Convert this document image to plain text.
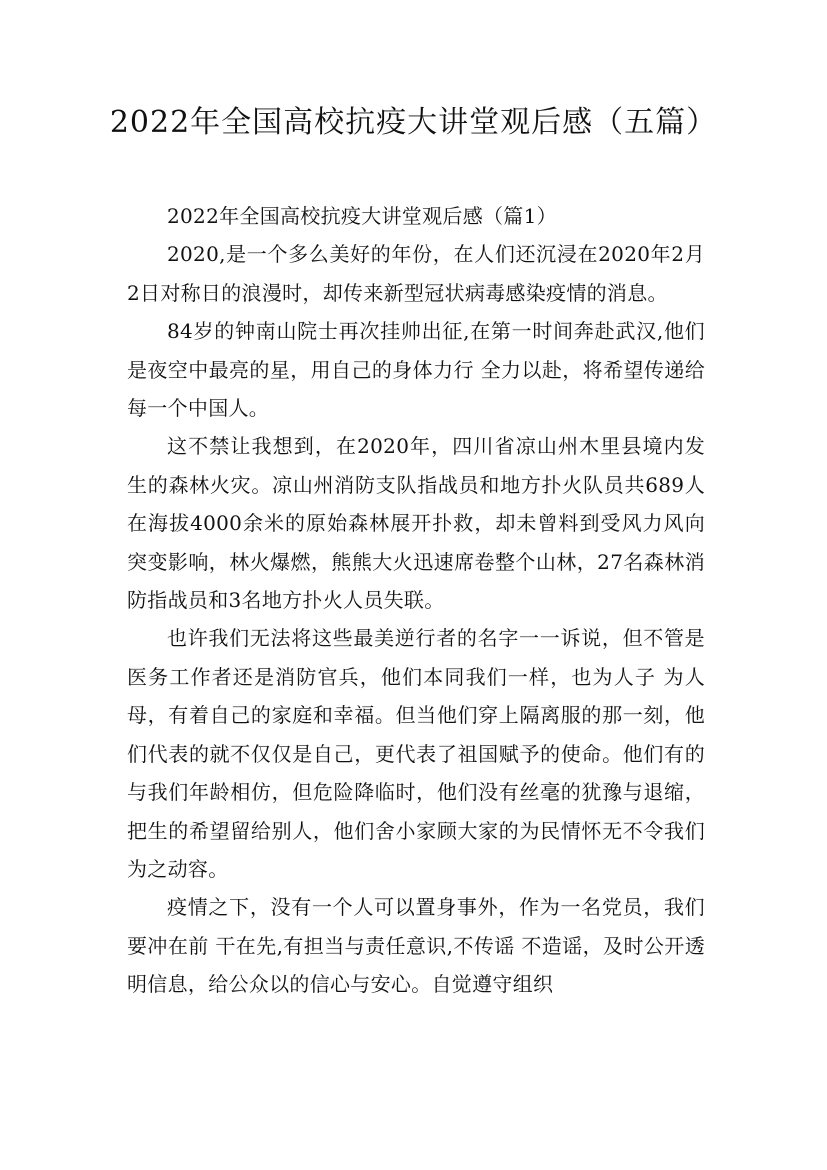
2022年全国高校抗疫大讲堂观后感（五篇）

2022年全国高校抗疫大讲堂观后感（篇1）

2020,是一个多么美好的年份，在人们还沉浸在2020年2月2日对称日的浪漫时，却传来新型冠状病毒感染疫情的消息。

84岁的钟南山院士再次挂帅出征,在第一时间奔赴武汉,他们是夜空中最亮的星，用自己的身体力行 全力以赴，将希望传递给每一个中国人。

这不禁让我想到，在2020年，四川省凉山州木里县境内发生的森林火灾。凉山州消防支队指战员和地方扑火队员共689人在海拔4000余米的原始森林展开扑救，却未曾料到受风力风向突变影响，林火爆燃，熊熊大火迅速席卷整个山林，27名森林消防指战员和3名地方扑火人员失联。

也许我们无法将这些最美逆行者的名字一一诉说，但不管是医务工作者还是消防官兵，他们本同我们一样，也为人子 为人母，有着自己的家庭和幸福。但当他们穿上隔离服的那一刻，他们代表的就不仅仅是自己，更代表了祖国赋予的使命。他们有的与我们年龄相仿，但危险降临时，他们没有丝毫的犹豫与退缩，把生的希望留给别人，他们舍小家顾大家的为民情怀无不令我们为之动容。

疫情之下，没有一个人可以置身事外，作为一名党员，我们要冲在前 干在先,有担当与责任意识,不传谣 不造谣，及时公开透明信息，给公众以的信心与安心。自觉遵守组织
